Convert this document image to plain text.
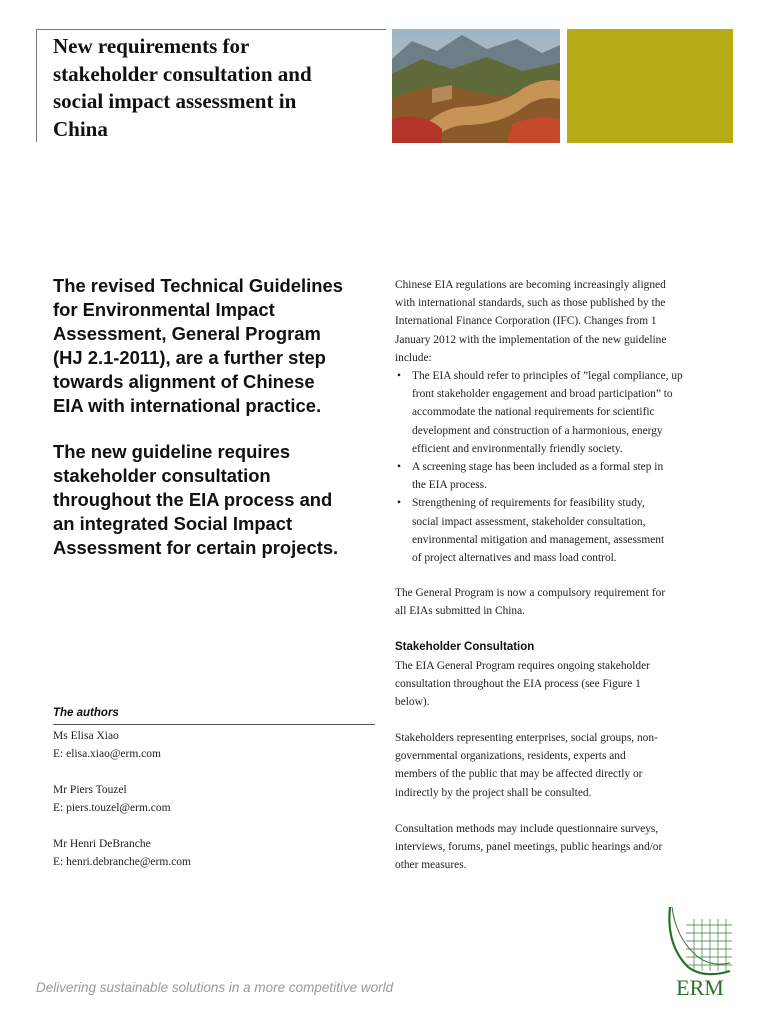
New requirements for
stakeholder consultation and
social impact assessment in
China
The revised Technical Guidelines
for Environmental Impact
Assessment, General Program
(HJ 2.1-2011), are a further step
towards alignment of Chinese
EIA with international practice.
The new guideline requires
stakeholder consultation
throughout the EIA process and
an integrated Social Impact
Assessment for certain projects.
The authors
Ms Elisa Xiao
E: elisa.xiao@erm.com
Mr Piers Touzel
E: piers.touzel@erm.com
Mr Henri DeBranche
E: henri.debranche@erm.com
Chinese EIA regulations are becoming increasingly aligned
with international standards, such as those published by the
International Finance Corporation (IFC). Changes from 1
January 2012 with the implementation of the new guideline
include:
• The EIA should refer to principles of ”legal compliance, up
front stakeholder engagement and broad participation” to
accommodate the national requirements for scientific
development and construction of a harmonious, energy
efficient and environmentally friendly society.
• A screening stage has been included as a formal step in
the EIA process.
• Strengthening of requirements for feasibility study,
social impact assessment, stakeholder consultation,
environmental mitigation and management, assessment
of project alternatives and mass load control.
The General Program is now a compulsory requirement for
all EIAs submitted in China.
Stakeholder Consultation
The EIA General Program requires ongoing stakeholder
consultation throughout the EIA process (see Figure 1
below).
Stakeholders representing enterprises, social groups, non-
governmental organizations, residents, experts and
members of the public that may be affected directly or
indirectly by the project shall be consulted.
Consultation methods may include questionnaire surveys,
interviews, forums, panel meetings, public hearings and/or
other measures.
Delivering sustainable solutions in a more competitive world	ERM
